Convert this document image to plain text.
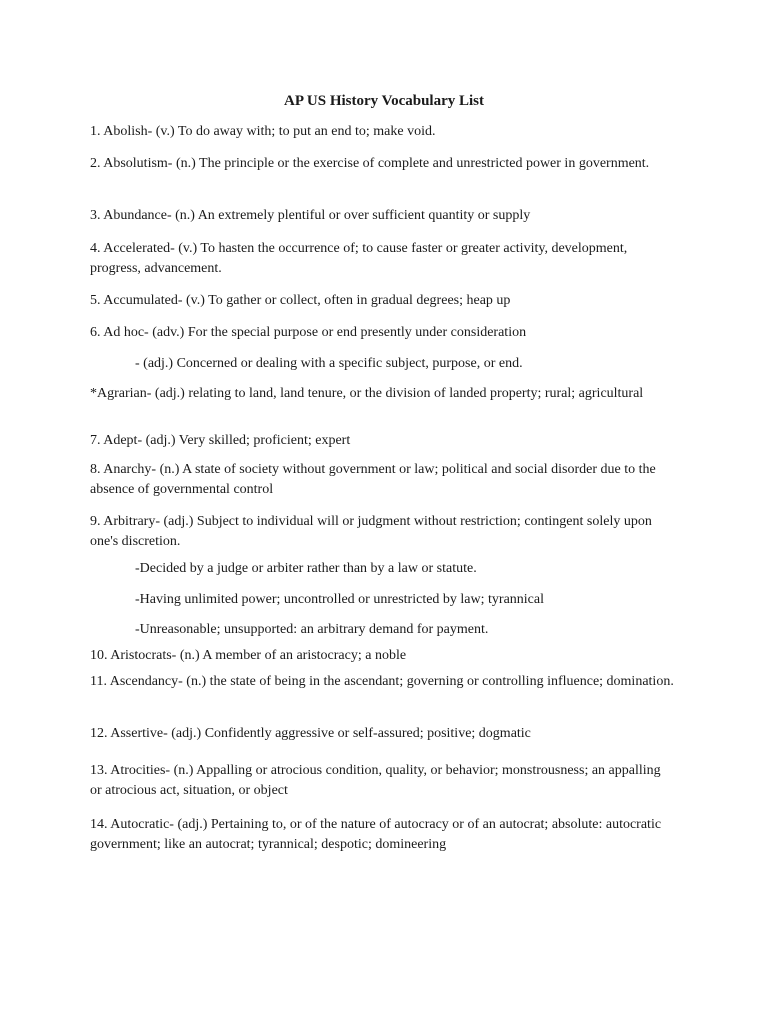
AP US History Vocabulary List
1. Abolish- (v.) To do away with; to put an end to; make void.
2. Absolutism- (n.) The principle or the exercise of complete and unrestricted power in government.
3. Abundance- (n.) An extremely plentiful or over sufficient quantity or supply
4. Accelerated- (v.) To hasten the occurrence of; to cause faster or greater activity, development, progress, advancement.
5. Accumulated- (v.) To gather or collect, often in gradual degrees; heap up
6. Ad hoc- (adv.) For the special purpose or end presently under consideration
- (adj.) Concerned or dealing with a specific subject, purpose, or end.
*Agrarian- (adj.) relating to land, land tenure, or the division of landed property; rural; agricultural
7. Adept- (adj.) Very skilled; proficient; expert
8. Anarchy- (n.) A state of society without government or law; political and social disorder due to the absence of governmental control
9. Arbitrary- (adj.) Subject to individual will or judgment without restriction; contingent solely upon one's discretion.
-Decided by a judge or arbiter rather than by a law or statute.
-Having unlimited power; uncontrolled or unrestricted by law; tyrannical
-Unreasonable; unsupported: an arbitrary demand for payment.
10. Aristocrats- (n.) A member of an aristocracy; a noble
11. Ascendancy- (n.) the state of being in the ascendant; governing or controlling influence; domination.
12. Assertive- (adj.) Confidently aggressive or self-assured; positive; dogmatic
13. Atrocities- (n.) Appalling or atrocious condition, quality, or behavior; monstrousness; an appalling or atrocious act, situation, or object
14. Autocratic- (adj.) Pertaining to, or of the nature of autocracy or of an autocrat; absolute: autocratic government; like an autocrat; tyrannical; despotic; domineering
